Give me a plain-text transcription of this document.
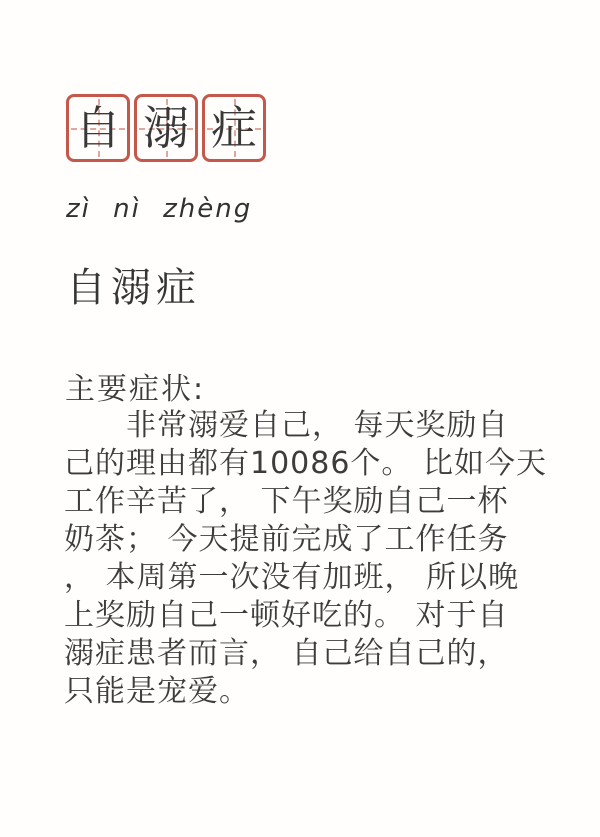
自 溺 症
zì nì zhèng
自溺症
主要症状:
非常溺爱自己， 每天奖励自
己的理由都有10086个。 比如今天
工作辛苦了， 下午奖励自己一杯
奶茶； 今天提前完成了工作任务
， 本周第一次没有加班， 所以晚
上奖励自己一顿好吃的。 对于自
溺症患者而言， 自己给自己的，
只能是宠爱。
